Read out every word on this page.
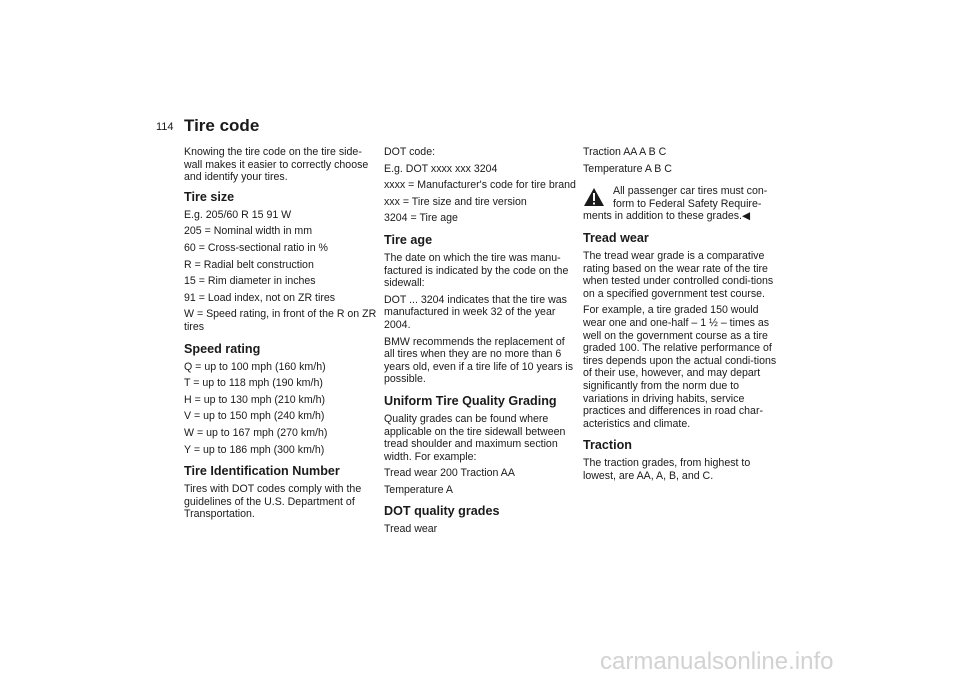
114 Tire code

Knowing the tire code on the tire side-wall makes it easier to correctly choose and identify your tires.

Tire size

E.g. 205/60 R 15 91 W

205 = Nominal width in mm

60 = Cross-sectional ratio in %

R = Radial belt construction

15 = Rim diameter in inches

91 = Load index, not on ZR tires

W = Speed rating, in front of the R on ZR tires

Speed rating

Q = up to 100 mph (160 km/h)

T = up to 118 mph (190 km/h)

H = up to 130 mph (210 km/h)

V = up to 150 mph (240 km/h)

W = up to 167 mph (270 km/h)

Y = up to 186 mph (300 km/h)

Tire Identification Number

Tires with DOT codes comply with the guidelines of the U.S. Department of Transportation.

DOT code:

E.g. DOT xxxx xxx 3204

xxxx = Manufacturer's code for tire brand

xxx = Tire size and tire version

3204 = Tire age

Tire age

The date on which the tire was manu-factured is indicated by the code on the sidewall:

DOT ... 3204 indicates that the tire was manufactured in week 32 of the year 2004.

BMW recommends the replacement of all tires when they are no more than 6 years old, even if a tire life of 10 years is possible.

Uniform Tire Quality Grading

Quality grades can be found where applicable on the tire sidewall between tread shoulder and maximum section width. For example:

Tread wear 200 Traction AA

Temperature A

DOT quality grades

Tread wear

Traction AA A B C

Temperature A B C

All passenger car tires must con-form to Federal Safety Require-ments in addition to these grades.◀

Tread wear

The tread wear grade is a comparative rating based on the wear rate of the tire when tested under controlled condi-tions on a specified government test course.

For example, a tire graded 150 would wear one and one-half – 1 ½ – times as well on the government course as a tire graded 100. The relative performance of tires depends upon the actual condi-tions of their use, however, and may depart significantly from the norm due to variations in driving habits, service practices and differences in road char-acteristics and climate.

Traction

The traction grades, from highest to lowest, are AA, A, B, and C.

carmanualsonline.info
